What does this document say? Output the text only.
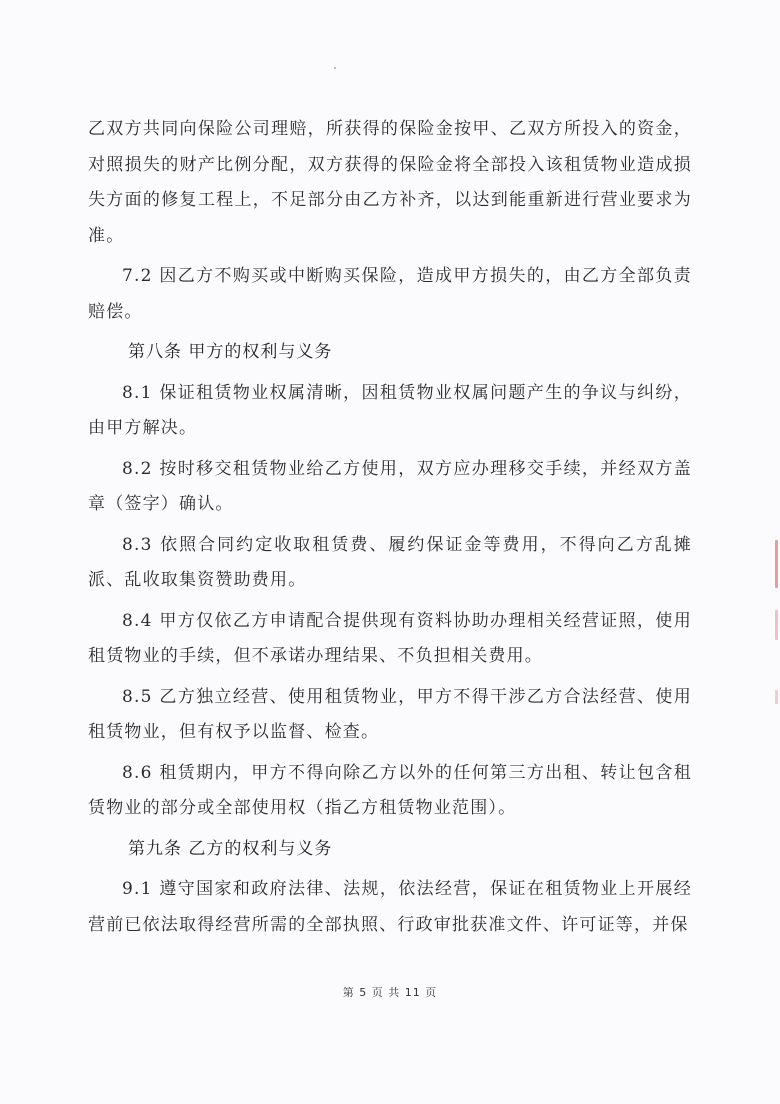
乙双方共同向保险公司理赔，所获得的保险金按甲、乙双方所投入的资金，对照损失的财产比例分配，双方获得的保险金将全部投入该租赁物业造成损失方面的修复工程上，不足部分由乙方补齐，以达到能重新进行营业要求为准。

7.2 因乙方不购买或中断购买保险，造成甲方损失的，由乙方全部负责赔偿。

第八条 甲方的权利与义务

8.1 保证租赁物业权属清晰，因租赁物业权属问题产生的争议与纠纷，由甲方解决。

8.2 按时移交租赁物业给乙方使用，双方应办理移交手续，并经双方盖章（签字）确认。

8.3 依照合同约定收取租赁费、履约保证金等费用，不得向乙方乱摊派、乱收取集资赞助费用。

8.4 甲方仅依乙方申请配合提供现有资料协助办理相关经营证照，使用租赁物业的手续，但不承诺办理结果、不负担相关费用。

8.5 乙方独立经营、使用租赁物业，甲方不得干涉乙方合法经营、使用租赁物业，但有权予以监督、检查。

8.6 租赁期内，甲方不得向除乙方以外的任何第三方出租、转让包含租赁物业的部分或全部使用权（指乙方租赁物业范围）。

第九条 乙方的权利与义务

9.1 遵守国家和政府法律、法规，依法经营，保证在租赁物业上开展经营前已依法取得经营所需的全部执照、行政审批获准文件、许可证等，并保

第 5 页 共 11 页
